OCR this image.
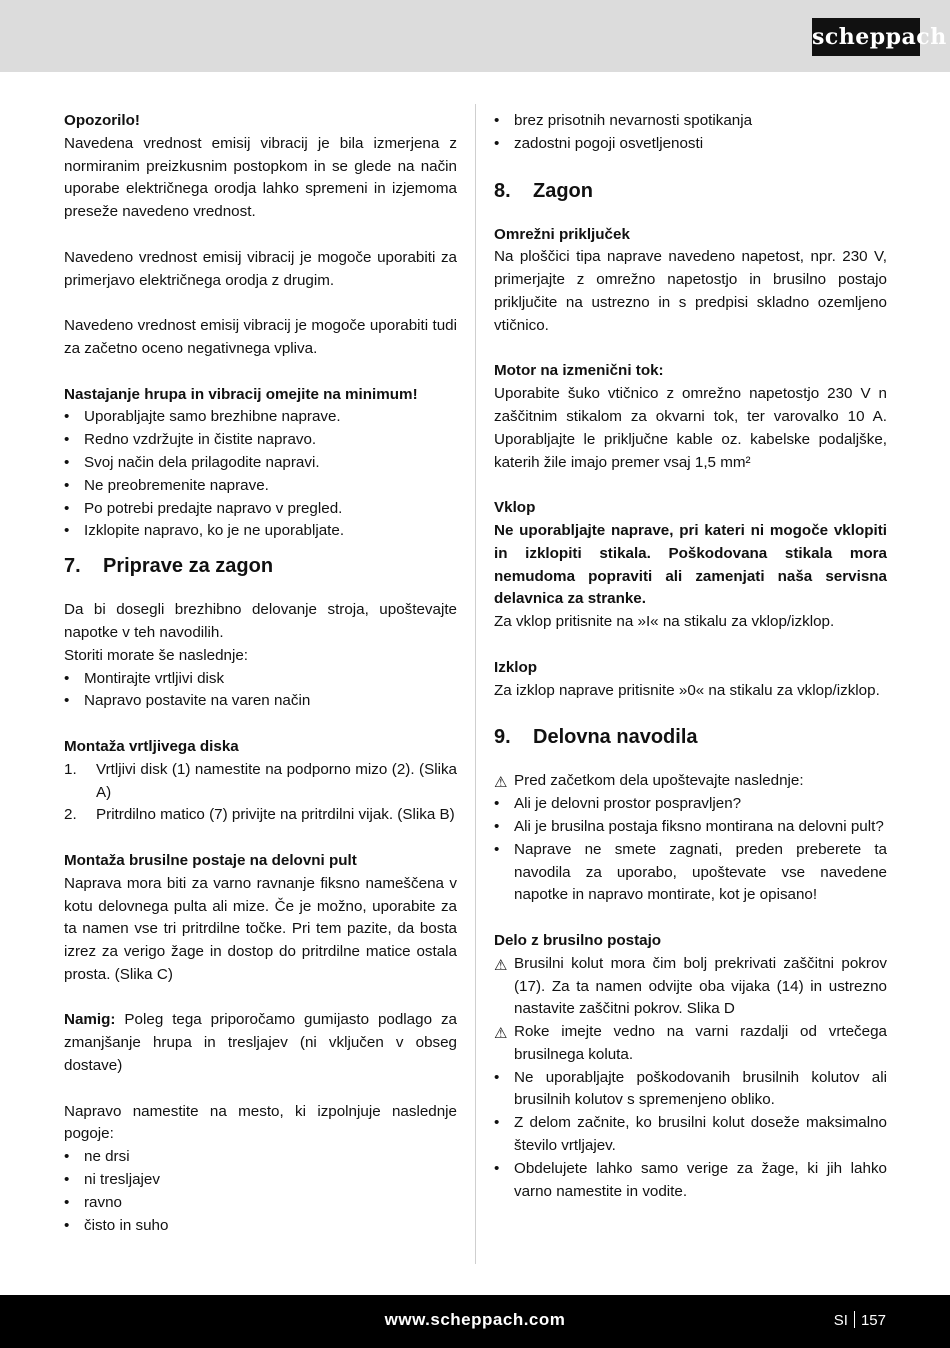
scheppach
Opozorilo!

Navedena vrednost emisij vibracij je bila izmerjena z normiranim preizkusnim postopkom in se glede na način uporabe električnega orodja lahko spremeni in izjemoma preseže navedeno vrednost.

Navedeno vrednost emisij vibracij je mogoče uporabiti za primerjavo električnega orodja z drugim.

Navedeno vrednost emisij vibracij je mogoče uporabiti tudi za začetno oceno negativnega vpliva.

Nastajanje hrupa in vibracij omejite na minimum!
• Uporabljajte samo brezhibne naprave.
• Redno vzdržujte in čistite napravo.
• Svoj način dela prilagodite napravi.
• Ne preobremenite naprave.
• Po potrebi predajte napravo v pregled.
• Izklopite napravo, ko je ne uporabljate.
7. Priprave za zagon

Da bi dosegli brezhibno delovanje stroja, upoštevajte napotke v teh navodilih.

Storiti morate še naslednje:

• Montirajte vrtljivi disk
• Napravo postavite na varen način
Montaža vrtljivega diska
1. Vrtljivi disk (1) namestite na podporno mizo (2). (Slika A)
2. Pritrdilno matico (7) privijte na pritrdilni vijak. (Slika B)
Montaža brusilne postaje na delovni pult

Naprava mora biti za varno ravnanje fiksno nameščena v kotu delovnega pulta ali mize. Če je možno, uporabite za ta namen vse tri pritrdilne točke. Pri tem pazite, da bosta izrez za verigo žage in dostop do pritrdilne matice ostala prosta. (Slika C)

Namig: Poleg tega priporočamo gumijasto podlago za zmanjšanje hrupa in tresljajev (ni vključen v obseg dostave)

Napravo namestite na mesto, ki izpolnjuje naslednje pogoje:

• ne drsi
• ni tresljajev
• ravno
• čisto in suho
• brez prisotnih nevarnosti spotikanja
• zadostni pogoji osvetljenosti
8. Zagon
Omrežni priključek

Na ploščici tipa naprave navedeno napetost, npr. 230 V, primerjajte z omrežno napetostjo in brusilno postajo priključite na ustrezno in s predpisi skladno ozemljeno vtičnico.

Motor na izmenični tok:

Uporabite šuko vtičnico z omrežno napetostjo 230 V n zaščitnim stikalom za okvarni tok, ter varovalko 10 A. Uporabljajte le priključne kable oz. kabelske podaljške, katerih žile imajo premer vsaj 1,5 mm²

Vklop

Ne uporabljajte naprave, pri kateri ni mogoče vklopiti in izklopiti stikala. Poškodovana stikala mora nemudoma popraviti ali zamenjati naša servisna delavnica za stranke.

Za vklop pritisnite na »I« na stikalu za vklop/izklop.

Izklop

Za izklop naprave pritisnite »0« na stikalu za vklop/izklop.

9. Delovna navodila
⚠ Pred začetkom dela upoštevajte naslednje:
• Ali je delovni prostor pospravljen?
• Ali je brusilna postaja fiksno montirana na delovni pult?
• Naprave ne smete zagnati, preden preberete ta navodila za uporabo, upoštevate vse navedene napotke in napravo montirate, kot je opisano!
Delo z brusilno postajo
⚠ Brusilni kolut mora čim bolj prekrivati zaščitni pokrov (17). Za ta namen odvijte oba vijaka (14) in ustrezno nastavite zaščitni pokrov. Slika D
⚠ Roke imejte vedno na varni razdalji od vrtečega brusilnega koluta.
• Ne uporabljajte poškodovanih brusilnih kolutov ali brusilnih kolutov s spremenjeno obliko.
• Z delom začnite, ko brusilni kolut doseže maksimalno število vrtljajev.
• Obdelujete lahko samo verige za žage, ki jih lahko varno namestite in vodite.
www.scheppach.com	SI 157
